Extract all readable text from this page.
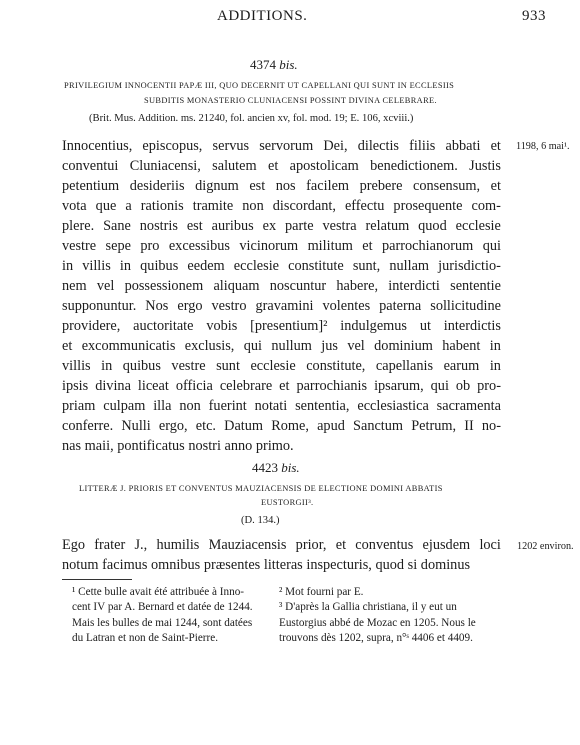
ADDITIONS.	933
4374 bis.
PRIVILEGIUM INNOCENTII PAPÆ III, QUO DECERNIT UT CAPELLANI QUI SUNT IN ECCLESIIS
SUBDITIS MONASTERIO CLUNIACENSI POSSINT DIVINA CELEBRARE.
(Brit. Mus. Addition. ms. 21240, fol. ancien xv, fol. mod. 19; E. 106, xcviii.)
1198, 6 mai¹.
Innocentius, episcopus, servus servorum Dei, dilectis filiis abbati et
conventui Cluniacensi, salutem et apostolicam benedictionem. Justis
petentium desideriis dignum est nos facilem prebere consensum, et
vota que a rationis tramite non discordant, effectu prosequente com-
plere. Sane nostris est auribus ex parte vestra relatum quod ecclesie
vestre sepe pro excessibus vicinorum militum et parrochianorum qui
in villis in quibus eedem ecclesie constitute sunt, nullam jurisdictio-
nem vel possessionem aliquam noscuntur habere, interdicti sententie
supponuntur. Nos ergo vestro gravamini volentes paterna sollicitudine
providere, auctoritate vobis [presentium]² indulgemus ut interdictis
et excommunicatis exclusis, qui nullum jus vel dominium habent in
villis in quibus vestre sunt ecclesie constitute, capellanis earum in
ipsis divina liceat officia celebrare et parrochianis ipsarum, qui ob pro-
priam culpam illa non fuerint notati sententia, ecclesiastica sacramenta
conferre. Nulli ergo, etc. Datum Rome, apud Sanctum Petrum, II no-
nas maii, pontificatus nostri anno primo.
4423 bis.
LITTERÆ J. PRIORIS ET CONVENTUS MAUZIACENSIS DE ELECTIONE DOMINI ABBATIS
EUSTORGII³.
(D. 134.)
1202 environ.
Ego frater J., humilis Mauziacensis prior, et conventus ejusdem loci
notum facimus omnibus præsentes litteras inspecturis, quod si dominus
¹ Cette bulle avait été attribuée à Inno-
cent IV par A. Bernard et datée de 1244.
Mais les bulles de mai 1244, sont datées
du Latran et non de Saint-Pierre.
² Mot fourni par E.
³ D'après la Gallia christiana, il y eut un
Eustorgius abbé de Mozac en 1205. Nous le
trouvons dès 1202, supra, n°ˢ 4406 et 4409.
